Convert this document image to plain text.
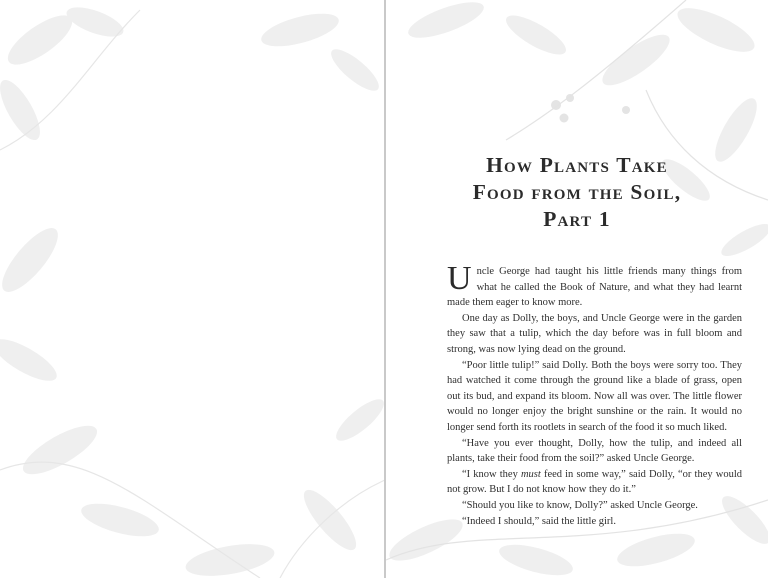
How Plants Take
Food from the Soil,
Part 1

Uncle George had taught his little friends many things from what he called the Book of Nature, and what they had learnt made them eager to know more.

One day as Dolly, the boys, and Uncle George were in the garden they saw that a tulip, which the day before was in full bloom and strong, was now lying dead on the ground.

“Poor little tulip!” said Dolly. Both the boys were sorry too. They had watched it come through the ground like a blade of grass, open out its bud, and expand its bloom. Now all was over. The little flower would no longer enjoy the bright sunshine or the rain. It would no longer send forth its rootlets in search of the food it so much liked.

“Have you ever thought, Dolly, how the tulip, and indeed all plants, take their food from the soil?” asked Uncle George.

“I know they must feed in some way,” said Dolly, “or they would not grow. But I do not know how they do it.”

“Should you like to know, Dolly?” asked Uncle George.

“Indeed I should,” said the little girl.
